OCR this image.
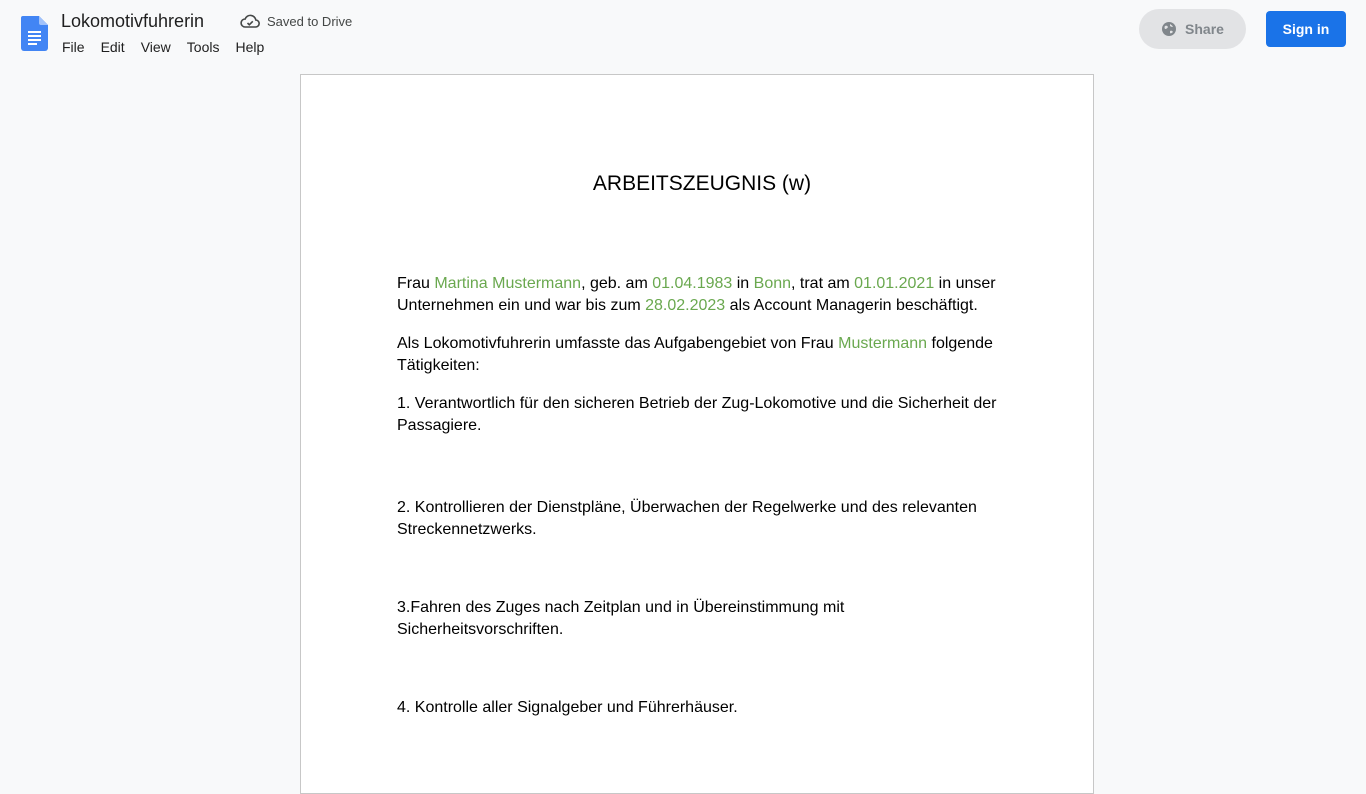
Lokomotivfuhrerin	Saved to Drive
File	Edit	View	Tools	Help
Share	Sign in
ARBEITSZEUGNIS (w)

Frau Martina Mustermann, geb. am 01.04.1983 in Bonn, trat am 01.01.2021 in unser Unternehmen ein und war bis zum 28.02.2023 als Account Managerin beschäftigt.

Als Lokomotivfuhrerin umfasste das Aufgabengebiet von Frau Mustermann folgende Tätigkeiten:

1. Verantwortlich für den sicheren Betrieb der Zug-Lokomotive und die Sicherheit der Passagiere.

2. Kontrollieren der Dienstpläne, Überwachen der Regelwerke und des relevanten Streckennetzwerks.

3.Fahren des Zuges nach Zeitplan und in Übereinstimmung mit Sicherheitsvorschriften.

4. Kontrolle aller Signalgeber und Führerhäuser.
